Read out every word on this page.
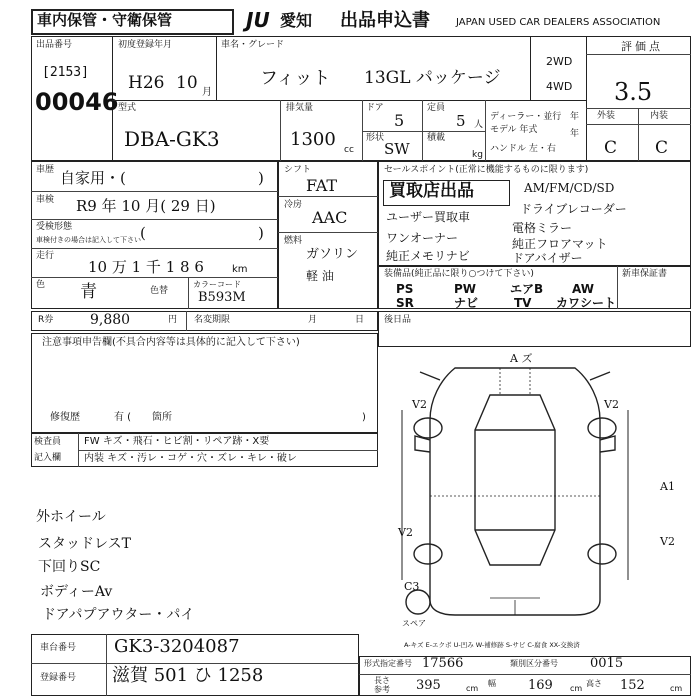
車内保管・守衛保管	JU 愛知 出品申込書	JAPAN USED CAR DEALERS ASSOCIATION
出品番号
[2153]
00046
初度登録年月
H26 10 月
車名・グレード
フィット 13GL パッケージ
2WD
4WD
評価点
3.5
外装	内装
C C
型式
DBA-GK3
排気量
1300 cc
ドア
5
定員
5 人
形状
SW
積載
kg
ディーラー・並行
モデル 年式
ハンドル 左・右
年
年
車歴 自家用・(	)
車検 R9 年 10 月( 29 日)
受検形態
車検付きの場合は記入して下さい (	)
走行
10 万 1 千 1 8 6	km
色 青	色替
カラーコード
B593M
シフト
FAT
冷房
AAC
燃料
ガソリン
軽 油
セールスポイント(正常に機能するものに限ります)
買取店出品	AM/FM/CD/SD
ドライブレコーダー
電格ミラー
純正フロアマット
ドアバイザー
ユーザー買取車
ワンオーナー
純正メモリナビ
装備品(純正品に限り○つけて下さい)	新車保証書
PS	PW	エアB AW
SR	ナビ	TV カワシート
R券	9,880	円 名変期限	月	日
注意事項申告欄(不具合内容等は具体的に記入して下さい)
修復歴	有 ( 箇所	)
検査員
記入欄
FW キズ・飛石・ヒビ割・リペア跡・X要
内装 キズ・汚レ・コゲ・穴・ズレ・キレ・破レ
後日品
外ホイール
スタッドレスT
下回りSC
ボディーAv
ドアパプアウター・パイ
車台番号 GK3-3204087
登録番号 滋賀 501 ひ 1258
形式指定番号 17566	類別区分番号 0015
参考
長さ 395	cm
幅 169 cm
高さ 152	cm
A ズ
V2	V2
A1
V2
C3
V2
スペア
A-キズ E-エクボ U-凹み W-補修跡 S-サビ C-腐食 XX-交換済
